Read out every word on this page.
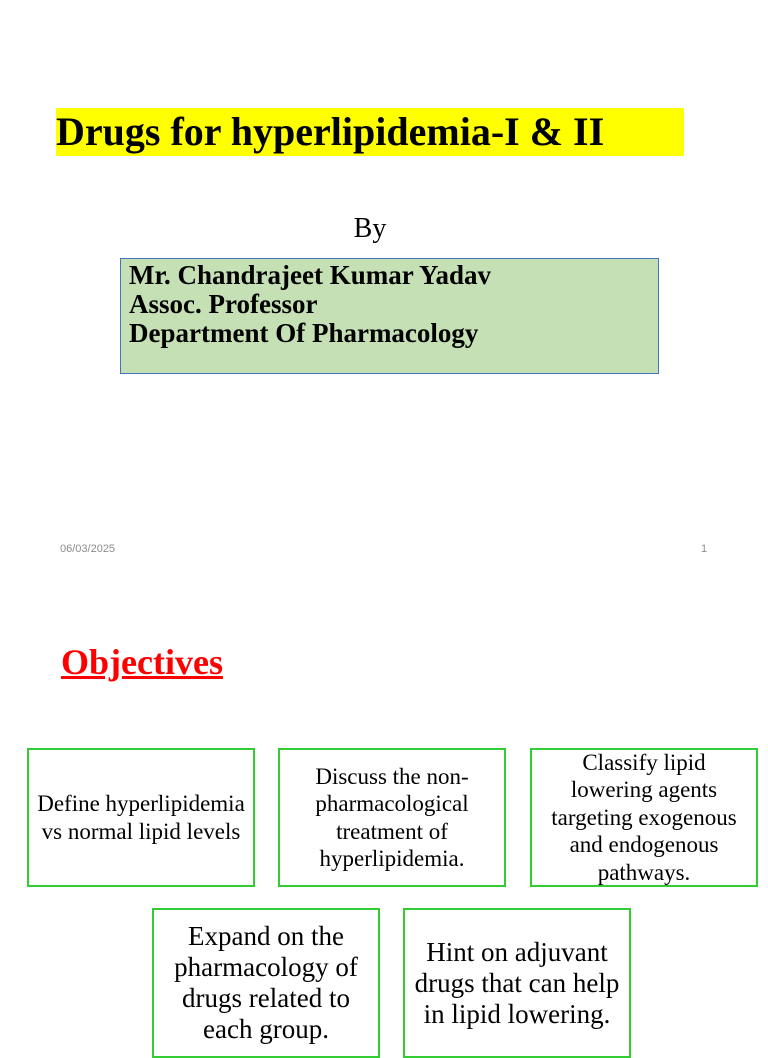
Drugs for hyperlipidemia-I & II
By
Mr. Chandrajeet Kumar Yadav
Assoc. Professor
Department Of Pharmacology
06/03/2025	1
Objectives
Define hyperlipidemia vs normal lipid levels
Discuss the non-pharmacological treatment of hyperlipidemia.
Classify lipid lowering agents targeting exogenous and endogenous pathways.
Expand on the pharmacology of drugs related to each group.
Hint on adjuvant drugs that can help in lipid lowering.
